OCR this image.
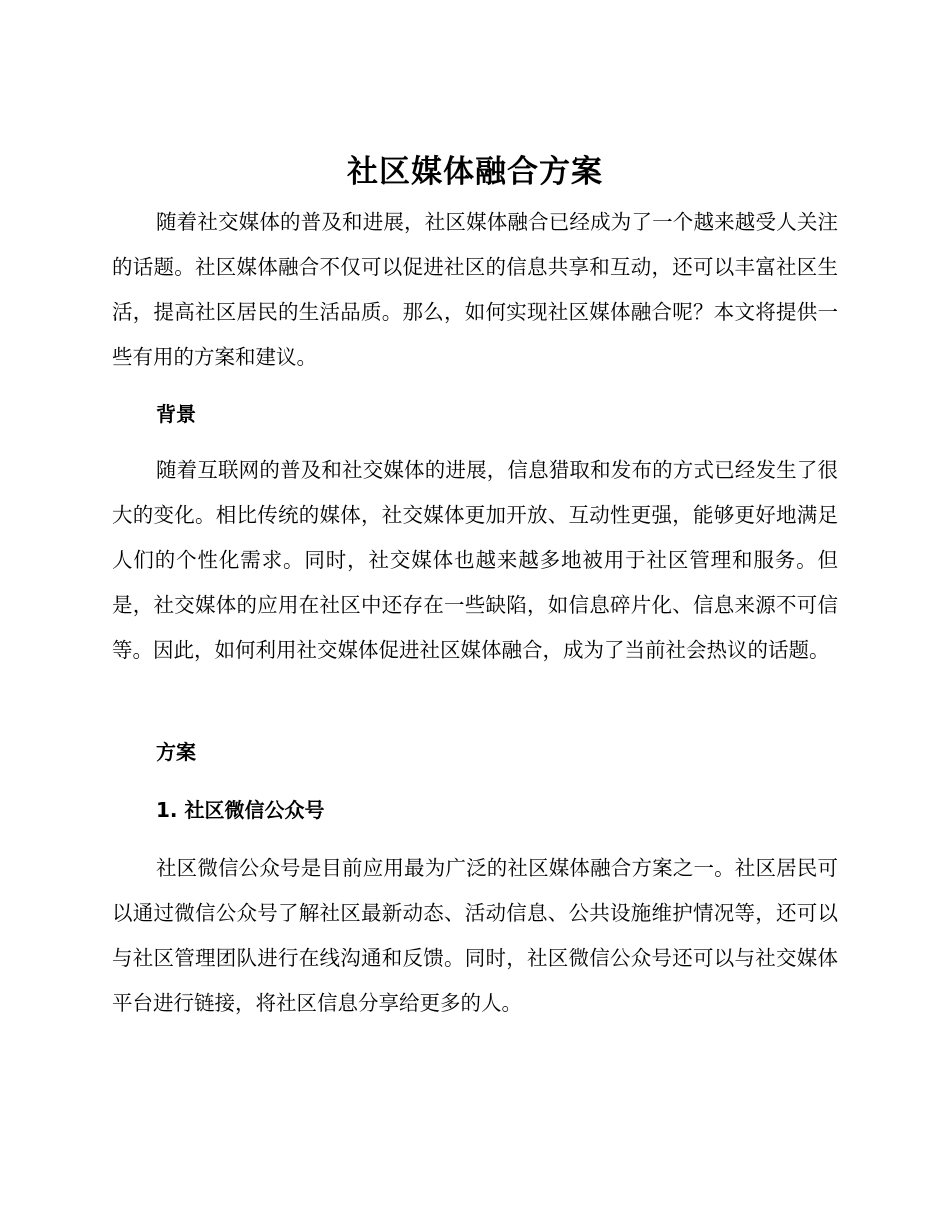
社区媒体融合方案

随着社交媒体的普及和进展，社区媒体融合已经成为了一个越来越受人关注的话题。社区媒体融合不仅可以促进社区的信息共享和互动，还可以丰富社区生活，提高社区居民的生活品质。那么，如何实现社区媒体融合呢？本文将提供一些有用的方案和建议。

背景

随着互联网的普及和社交媒体的进展，信息猎取和发布的方式已经发生了很大的变化。相比传统的媒体，社交媒体更加开放、互动性更强，能够更好地满足人们的个性化需求。同时，社交媒体也越来越多地被用于社区管理和服务。但是，社交媒体的应用在社区中还存在一些缺陷，如信息碎片化、信息来源不可信等。因此，如何利用社交媒体促进社区媒体融合，成为了当前社会热议的话题。

方案
1. 社区微信公众号

社区微信公众号是目前应用最为广泛的社区媒体融合方案之一。社区居民可以通过微信公众号了解社区最新动态、活动信息、公共设施维护情况等，还可以与社区管理团队进行在线沟通和反馈。同时，社区微信公众号还可以与社交媒体平台进行链接，将社区信息分享给更多的人。
